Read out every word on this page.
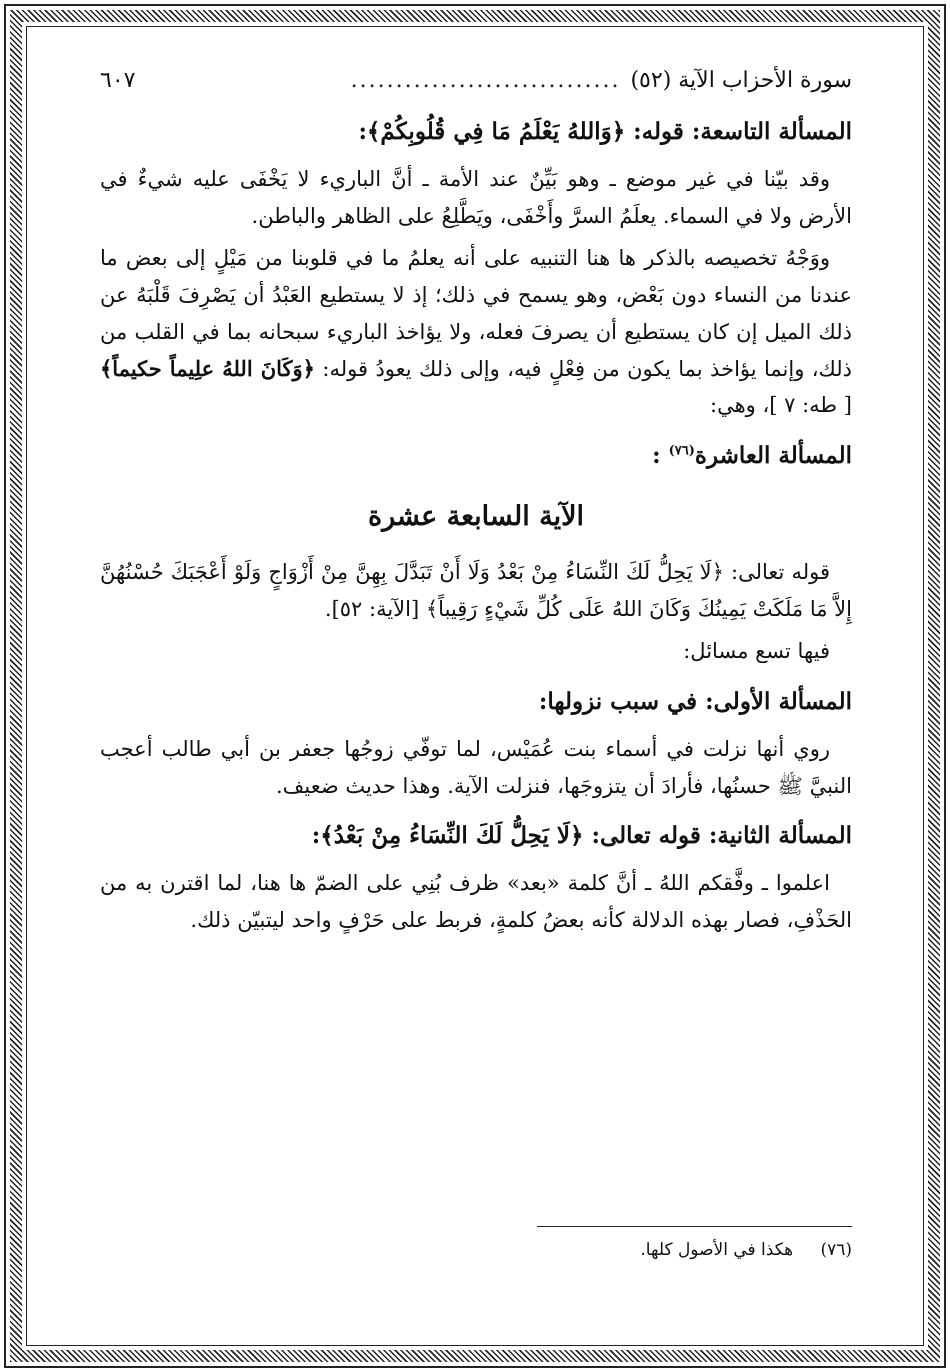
سورة الأحزاب الآية (٥٢)
..............................
٦٠٧
المسألة التاسعة: قوله: ﴿وَاللهُ يَعْلَمُ مَا فِي قُلُوبِكُمْ﴾:

وقد بيّنا في غير موضع ـ وهو بَيِّنٌ عند الأمة ـ أنَّ الباريء لا يَخْفَى عليه شيءٌ في الأرض ولا في السماء. يعلَمُ السرَّ وأَخْفَى، ويَطَّلِعُ على الظاهر والباطن.

ووَجْهُ تخصيصه بالذكر ها هنا التنبيه على أنه يعلمُ ما في قلوبنا من مَيْلٍ إلى بعض ما عندنا من النساء دون بَعْض، وهو يسمح في ذلك؛ إذ لا يستطيع العَبْدُ أن يَصْرِفَ قَلْبَهُ عن ذلك الميل إن كان يستطيع أن يصرفَ فعله، ولا يؤاخذ الباريء سبحانه بما في القلب من ذلك، وإنما يؤاخذ بما يكون من فِعْلٍ فيه، وإلى ذلك يعودُ قوله: ﴿وَكَانَ اللهُ علِيماً حكيماً﴾ [ طه: ٧ ]، وهي:

المسألة العاشرة$^{(٧٦)}$ :
الآية السابعة عشرة

قوله تعالى: ﴿لَا يَحِلُّ لَكَ النِّسَاءُ مِنْ بَعْدُ وَلَا أَنْ تَبَدَّلَ بِهِنَّ مِنْ أَزْوَاجٍ وَلَوْ أَعْجَبَكَ حُسْنُهُنَّ إِلاَّ مَا مَلَكَتْ يَمِينُكَ وَكَانَ اللهُ عَلَى كُلِّ شَيْءٍ رَقِيباً﴾ [الآية: ٥٢].

فيها تسع مسائل:

المسألة الأولى: في سبب نزولها:

روي أنها نزلت في أسماء بنت عُمَيْس، لما توفّي زوجُها جعفر بن أبي طالب أعجب النبيَّ ﷺ حسنُها، فأرادَ أن يتزوجَها، فنزلت الآية. وهذا حديث ضعيف.

المسألة الثانية: قوله تعالى: ﴿لَا يَحِلُّ لَكَ النِّسَاءُ مِنْ بَعْدُ﴾:

اعلموا ـ وفَّقكم اللهُ ـ أنَّ كلمة «بعد» ظرف بُنِي على الضمّ ها هنا، لما اقترن به من الحَذْفِ، فصار بهذه الدلالة كأنه بعضُ كلمةٍ، فربط على حَرْفٍ واحد ليتبيّن ذلك.

(٧٦) هكذا في الأصول كلها.
